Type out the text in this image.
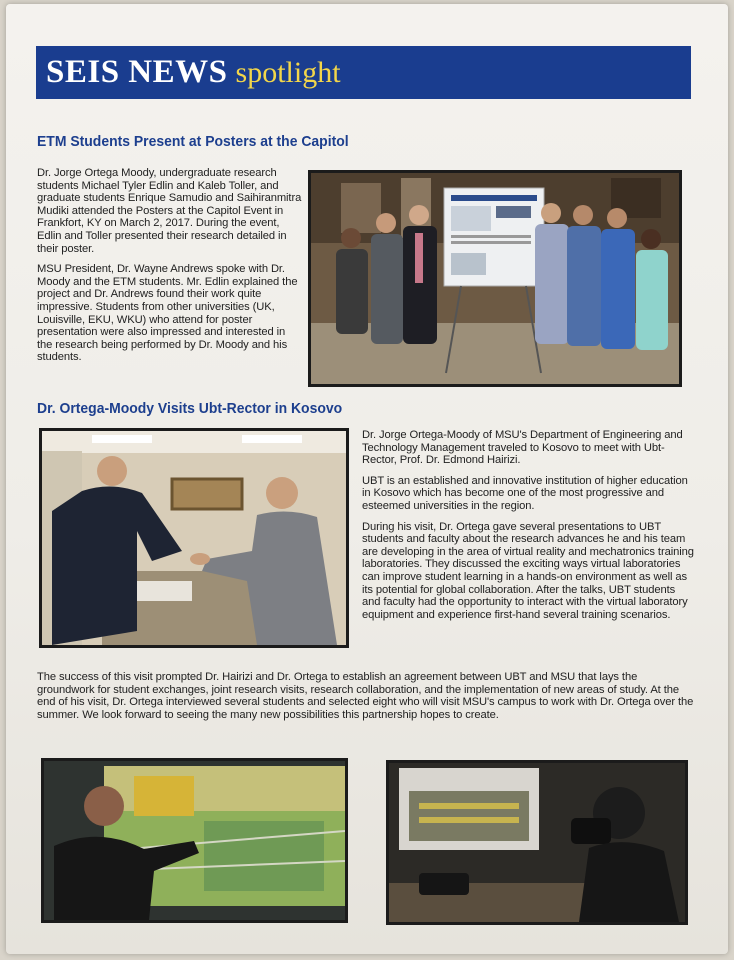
SEIS NEWS spotlight
ETM Students Present at Posters at the Capitol

Dr. Jorge Ortega Moody, undergraduate research students Michael Tyler Edlin and Kaleb Toller, and graduate students Enrique Samudio and Saihiranmitra Mudiki attended the Posters at the Capitol Event in Frankfort, KY on March 2, 2017. During the event, Edlin and Toller presented their research detailed in their poster.

MSU President, Dr. Wayne Andrews spoke with Dr. Moody and the ETM students. Mr. Edlin explained the project and Dr. Andrews found their work quite impressive. Students from other universities (UK, Louisville, EKU, WKU) who attend for poster presentation were also impressed and interested in the research being performed by Dr. Moody and his students.

Dr. Ortega-Moody Visits Ubt-Rector in Kosovo

Dr. Jorge Ortega-Moody of MSU's Department of Engineering and Technology Management traveled to Kosovo to meet with Ubt-Rector, Prof. Dr. Edmond Hairizi.

UBT is an established and innovative institution of higher education in Kosovo which has become one of the most progressive and esteemed universities in the region.

During his visit, Dr. Ortega gave several presentations to UBT students and faculty about the research advances he and his team are developing in the area of virtual reality and mechatronics training laboratories. They discussed the exciting ways virtual laboratories can improve student learning in a hands-on environment as well as its potential for global collaboration. After the talks, UBT students and faculty had the opportunity to interact with the virtual laboratory equipment and experience first-hand several training scenarios.

The success of this visit prompted Dr. Hairizi and Dr. Ortega to establish an agreement between UBT and MSU that lays the groundwork for student exchanges, joint research visits, research collaboration, and the implementation of new areas of study. At the end of his visit, Dr. Ortega interviewed several students and selected eight who will visit MSU's campus to work with Dr. Ortega over the summer. We look forward to seeing the many new possibilities this partnership hopes to create.
